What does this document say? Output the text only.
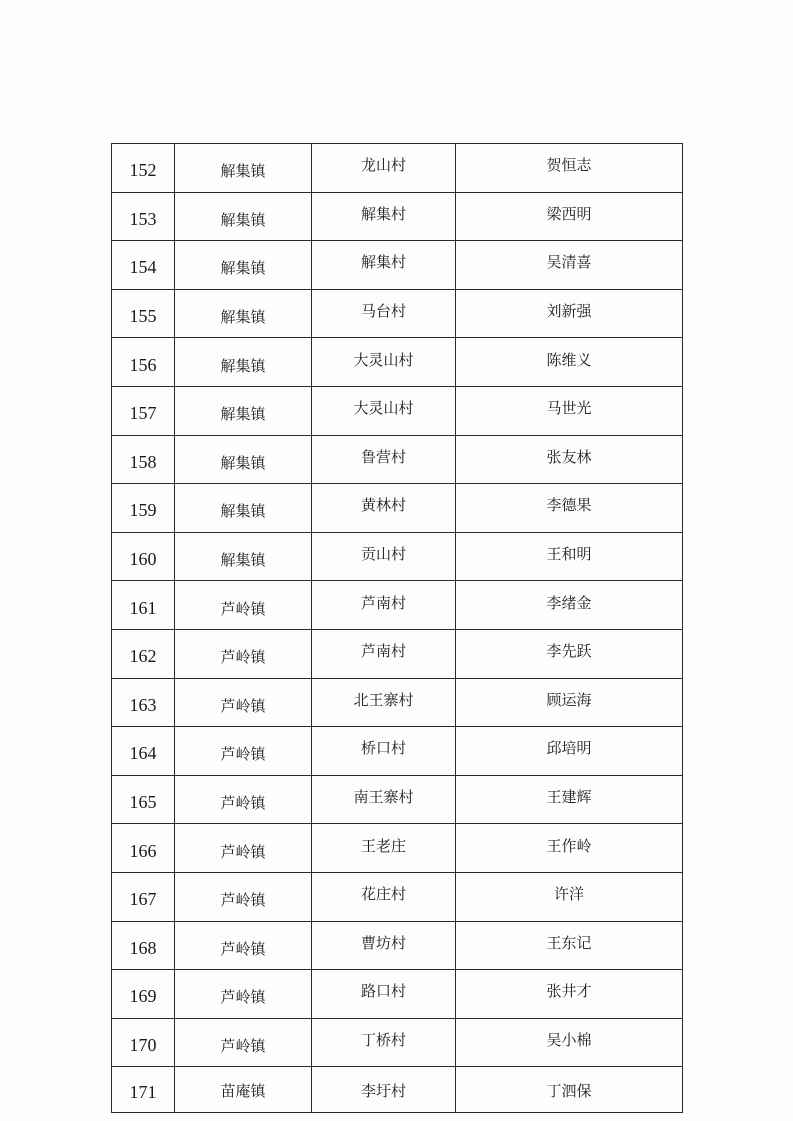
152	解集镇	龙山村	贺恒志
153	解集镇	解集村	梁西明
154	解集镇	解集村	吴清喜
155	解集镇	马台村	刘新强
156	解集镇	大灵山村	陈维义
157	解集镇	大灵山村	马世光
158	解集镇	鲁营村	张友林
159	解集镇	黄林村	李德果
160	解集镇	贡山村	王和明
161	芦岭镇	芦南村	李绪金
162	芦岭镇	芦南村	李先跃
163	芦岭镇	北王寨村	顾运海
164	芦岭镇	桥口村	邱培明
165	芦岭镇	南王寨村	王建辉
166	芦岭镇	王老庄	王作岭
167	芦岭镇	花庄村	许洋
168	芦岭镇	曹坊村	王东记
169	芦岭镇	路口村	张井才
170	芦岭镇	丁桥村	吴小棉
171	苗庵镇	李圩村	丁泗保
